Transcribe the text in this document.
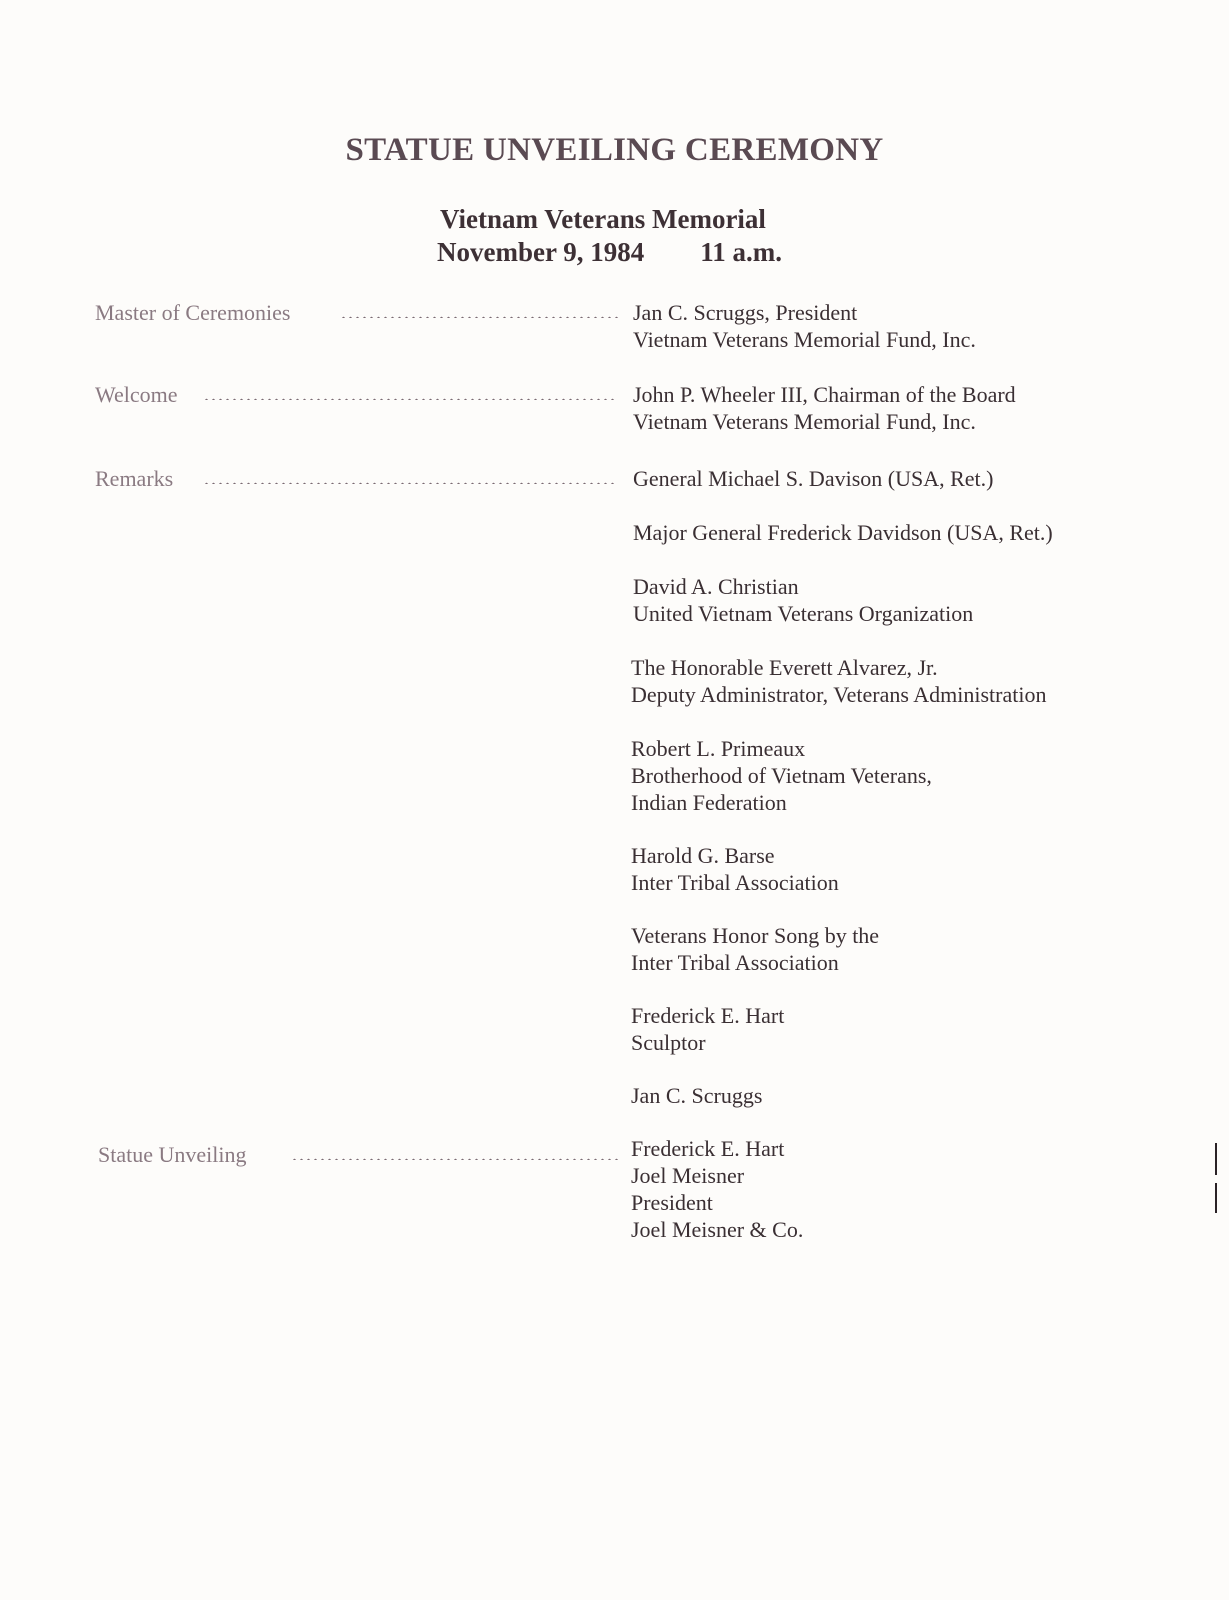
STATUE UNVEILING CEREMONY
Vietnam Veterans Memorial
November 9, 1984 11 a.m.
Master of Ceremonies	Jan C. Scruggs, President
Vietnam Veterans Memorial Fund, Inc.
Welcome	John P. Wheeler III, Chairman of the Board
Vietnam Veterans Memorial Fund, Inc.
Remarks	General Michael S. Davison (USA, Ret.)
Major General Frederick Davidson (USA, Ret.)
David A. Christian
United Vietnam Veterans Organization
The Honorable Everett Alvarez, Jr.
Deputy Administrator, Veterans Administration
Robert L. Primeaux
Brotherhood of Vietnam Veterans,
Indian Federation
Harold G. Barse
Inter Tribal Association
Veterans Honor Song by the
Inter Tribal Association
Frederick E. Hart
Sculptor
Jan C. Scruggs
Statue Unveiling	Frederick E. Hart
Joel Meisner
President
Joel Meisner & Co.
